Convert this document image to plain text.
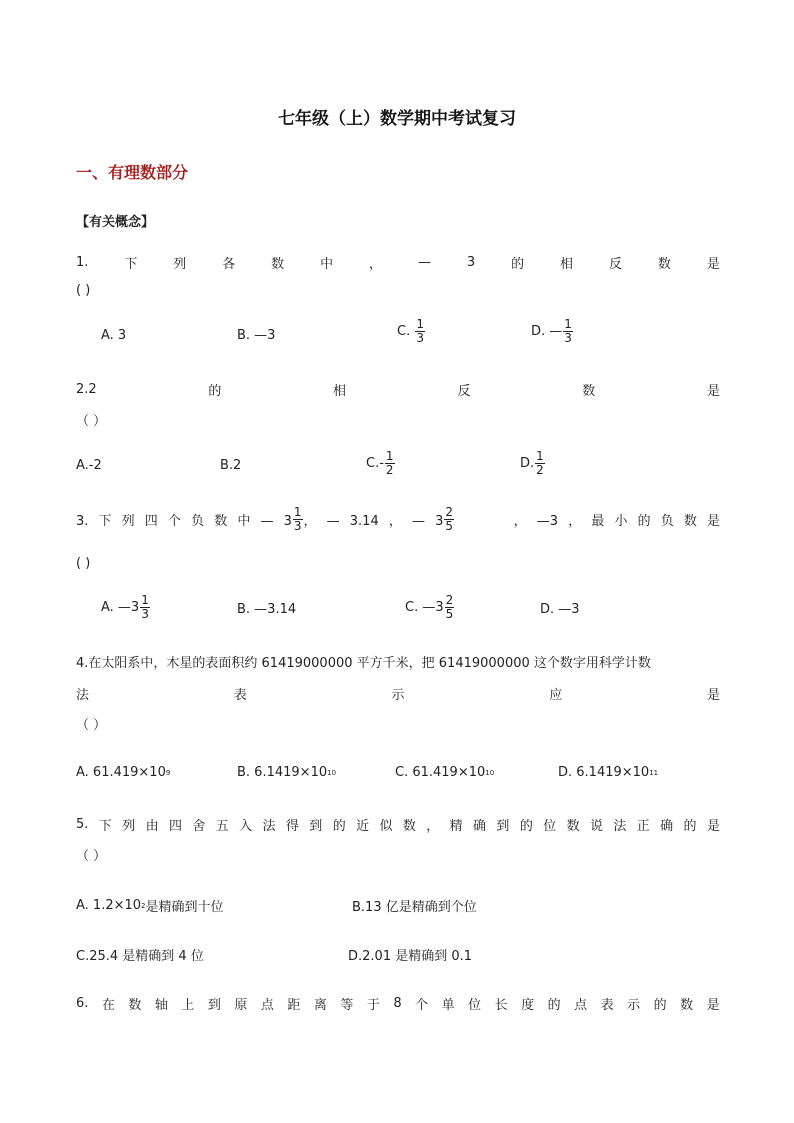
七年级（上）数学期中考试复习
一、有理数部分
【有关概念】
1.	下	列	各	数	中	，	—	3	的	相	反	数	是
( )
A. 3	B. —3	C.
$\frac{1}{3}$	D. — $\frac{1}{3}$
2.2	的	相	反	数	是
（ ）
A.-2	B.2	$C.- \frac{1}{2}$	D. $\frac{1}{2}$
3. 下 列 四 个 负 数 中 — $3 \frac{1}{3}$ ， — 3.14 ， — $3 \frac{2}{5}$	， —3 ， 最 小 的 负 数 是
( )
A. —3 $\frac{1}{3}$	B. —3.14	C. —3 $\frac{2}{5}$	D. —3
4.在太阳系中，木星的表面积约 61419000000 平方千米，把 61419000000 这个数字用科学计数
法	表	示	应	是
（ ）
A. 61.419×10 9	B. 6.1419×10 10	C. 61.419×10 10	D. 6.1419×10 11
5. 下 列 由 四 舍 五 入 法 得 到 的 近 似 数 ， 精 确 到 的 位 数 说 法 正 确 的 是
（ ）
A. 1.2×10 2 是精确到十位	B.13 亿是精确到个位
C.25.4 是精确到 4 位	D.2.01 是精确到 0.1
6. 在 数 轴 上 到 原 点 距 离 等 于 8 个 单 位 长 度 的 点 表 示 的 数 是
